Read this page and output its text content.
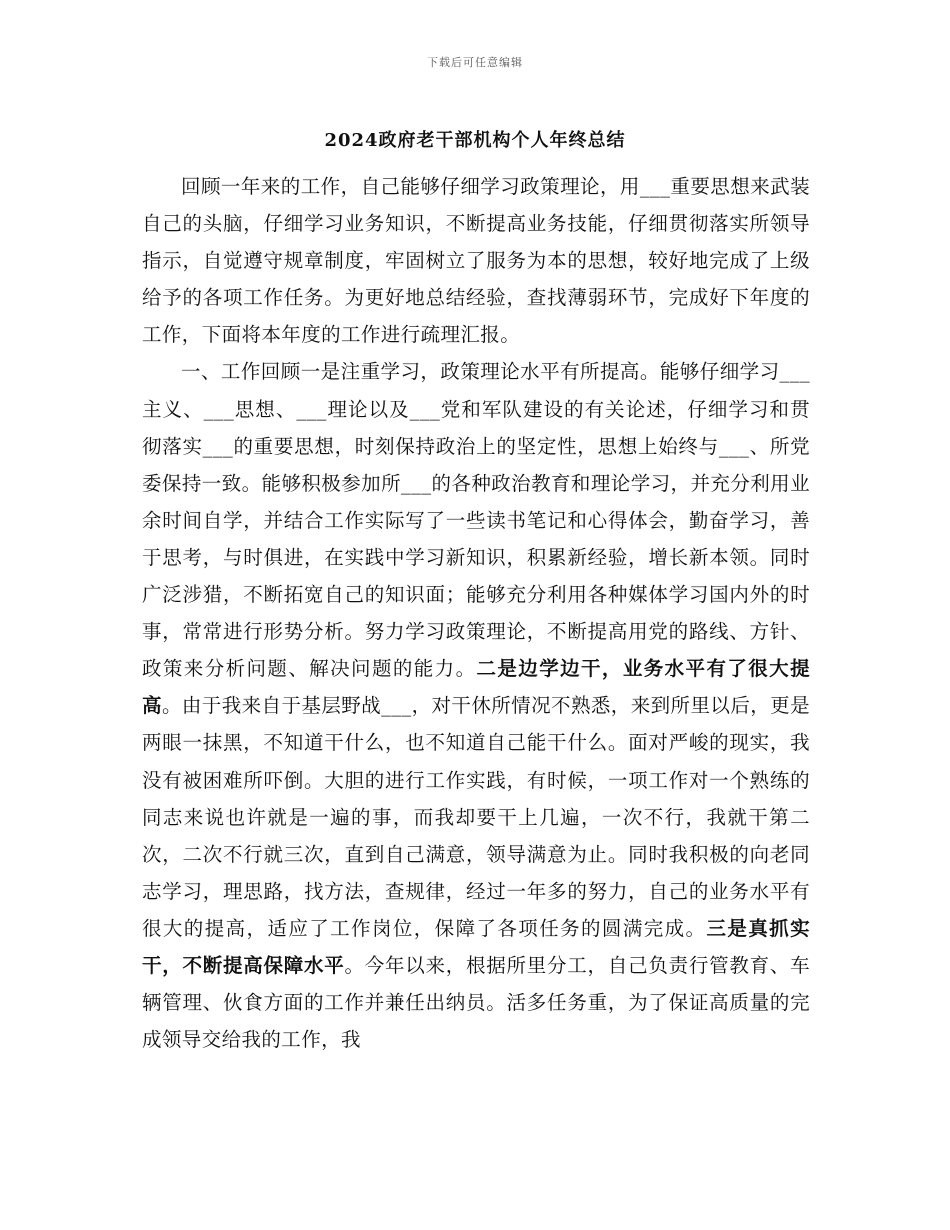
下载后可任意编辑
2024政府老干部机构个人年终总结

回顾一年来的工作，自己能够仔细学习政策理论，用___重要思想来武装自己的头脑，仔细学习业务知识，不断提高业务技能，仔细贯彻落实所领导指示，自觉遵守规章制度，牢固树立了服务为本的思想，较好地完成了上级给予的各项工作任务。为更好地总结经验，查找薄弱环节，完成好下年度的工作，下面将本年度的工作进行疏理汇报。

一、工作回顾一是注重学习，政策理论水平有所提高。能够仔细学习___主义、___思想、___理论以及___党和军队建设的有关论述，仔细学习和贯彻落实___的重要思想，时刻保持政治上的坚定性，思想上始终与___、所党委保持一致。能够积极参加所___的各种政治教育和理论学习，并充分利用业余时间自学，并结合工作实际写了一些读书笔记和心得体会，勤奋学习，善于思考，与时俱进，在实践中学习新知识，积累新经验，增长新本领。同时广泛涉猎，不断拓宽自己的知识面；能够充分利用各种媒体学习国内外的时事，常常进行形势分析。努力学习政策理论，不断提高用党的路线、方针、政策来分析问题、解决问题的能力。二是边学边干，业务水平有了很大提高。由于我来自于基层野战___，对干休所情况不熟悉，来到所里以后，更是两眼一抹黑，不知道干什么，也不知道自己能干什么。面对严峻的现实，我没有被困难所吓倒。大胆的进行工作实践，有时候，一项工作对一个熟练的同志来说也许就是一遍的事，而我却要干上几遍，一次不行，我就干第二次，二次不行就三次，直到自己满意，领导满意为止。同时我积极的向老同志学习，理思路，找方法，查规律，经过一年多的努力，自己的业务水平有很大的提高，适应了工作岗位，保障了各项任务的圆满完成。三是真抓实干，不断提高保障水平。今年以来，根据所里分工，自己负责行管教育、车辆管理、伙食方面的工作并兼任出纳员。活多任务重，为了保证高质量的完成领导交给我的工作，我
